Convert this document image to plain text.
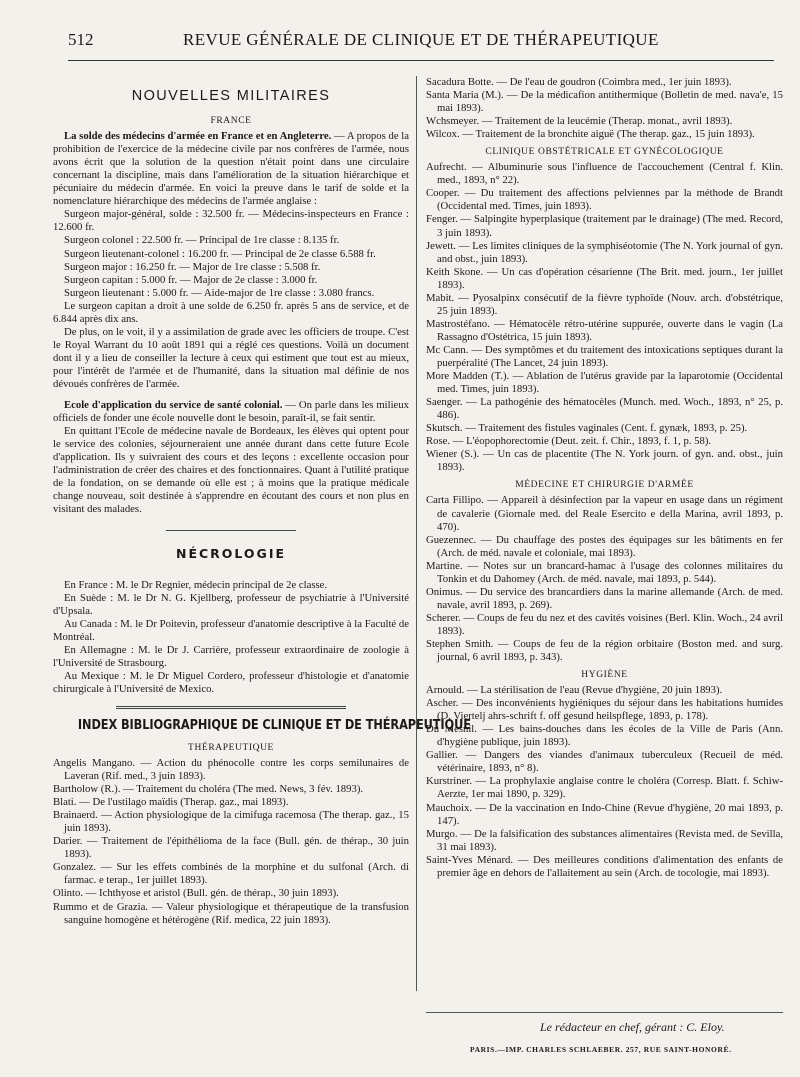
512	REVUE GÉNÉRALE DE CLINIQUE ET DE THÉRAPEUTIQUE
NOUVELLES MILITAIRES
FRANCE

La solde des médecins d'armée en France et en Angleterre. — A propos de la prohibition de l'exercice de la médecine civile par nos confrères de l'armée, nous avons écrit que la solution de la question n'était point dans une circulaire concernant la discipline, mais dans l'amélioration de la situation hiérarchique et pécuniaire du médecin d'armée. En voici la preuve dans le tarif de solde et la nomenclature hiérarchique des médecins de l'armée anglaise :

Surgeon major-général, solde : 32.500 fr. — Médecins-inspecteurs en France : 12.600 fr.

Surgeon colonel : 22.500 fr. — Principal de 1re classe : 8.135 fr.

Surgeon lieutenant-colonel : 16.200 fr. — Principal de 2e classe 6.588 fr.

Surgeon major : 16.250 fr. — Major de 1re classe : 5.508 fr.

Surgeon capitan : 5.000 fr. — Major de 2e classe : 3.000 fr.

Surgeon lieutenant : 5.000 fr. — Aide-major de 1re classe : 3.080 francs.

Le surgeon capitan a droit à une solde de 6.250 fr. après 5 ans de service, et de 6.844 après dix ans.

De plus, on le voit, il y a assimilation de grade avec les officiers de troupe. C'est le Royal Warrant du 10 août 1891 qui a réglé ces questions. Voilà un document dont il y a lieu de conseiller la lecture à ceux qui estiment que tout est au mieux, pour l'intérêt de l'armée et de l'humanité, dans la situation mal définie de nos dévoués confrères de l'armée.

Ecole d'application du service de santé colonial. — On parle dans les milieux officiels de fonder une école nouvelle dont le besoin, paraît-il, se fait sentir.

En quittant l'Ecole de médecine navale de Bordeaux, les élèves qui optent pour le service des colonies, séjourneraient une année durant dans cette future Ecole d'application. Ils y suivraient des cours et des leçons : excellente occasion pour l'administration de créer des chaires et des fonctionnaires. Quant à l'utilité pratique de la fondation, on se demande où elle est ; à moins que la pratique médicale change nouveau, soit destinée à s'apprendre en écoutant des cours et non plus en visitant des malades.

NÉCROLOGIE

En France : M. le Dr Regnier, médecin principal de 2e classe.

En Suède : M. le Dr N. G. Kjellberg, professeur de psychiatrie à l'Université d'Upsala.

Au Canada : M. le Dr Poitevin, professeur d'anatomie descriptive à la Faculté de Montréal.

En Allemagne : M. le Dr J. Carrière, professeur extraordinaire de zoologie à l'Université de Strasbourg.

Au Mexique : M. le Dr Miguel Cordero, professeur d'histologie et d'anatomie chirurgicale à l'Université de Mexico.

INDEX BIBLIOGRAPHIQUE DE CLINIQUE ET DE THÉRAPEUTIQUE
THÉRAPEUTIQUE

Angelis Mangano. — Action du phénocolle contre les corps semilunaires de Laveran (Rif. med., 3 juin 1893).

Bartholow (R.). — Traitement du choléra (The med. News, 3 fév. 1893).

Blati. — De l'ustilago maïdis (Therap. gaz., mai 1893).

Brainaerd. — Action physiologique de la cimifuga racemosa (The therap. gaz., 15 juin 1893).

Darier. — Traitement de l'épithélioma de la face (Bull. gén. de thérap., 30 juin 1893).

Gonzalez. — Sur les effets combinés de la morphine et du sulfonal (Arch. di farmac. e terap., 1er juillet 1893).

Olinto. — Ichthyose et aristol (Bull. gén. de thérap., 30 juin 1893).

Rummo et de Grazia. — Valeur physiologique et thérapeutique de la transfusion sanguine homogène et hétérogène (Rif. medica, 22 juin 1893).

Sacadura Botte. — De l'eau de goudron (Coimbra med., 1er juin 1893).

Santa Maria (M.). — De la médicafion antithermique (Bolletin de med. nava'e, 15 mai 1893).

Wchsmeyer. — Traitement de la leucémie (Therap. monat., avril 1893).

Wilcox. — Traitement de la bronchite aiguë (The therap. gaz., 15 juin 1893).

CLINIQUE OBSTÉTRICALE ET GYNÉCOLOGIQUE

Aufrecht. — Albuminurie sous l'influence de l'accouchement (Central f. Klin. med., 1893, n° 22).

Cooper. — Du traitement des affections pelviennes par la méthode de Brandt (Occidental med. Times, juin 1893).

Fenger. — Salpingite hyperplasique (traitement par le drainage) (The med. Record, 3 juin 1893).

Jewett. — Les limites cliniques de la symphiséotomie (The N. York journal of gyn. and obst., juin 1893).

Keith Skone. — Un cas d'opération césarienne (The Brit. med. journ., 1er juillet 1893).

Mabit. — Pyosalpinx consécutif de la fièvre typhoïde (Nouv. arch. d'obstétrique, 25 juin 1893).

Mastrostéfano. — Hématocèle rétro-utérine suppurée, ouverte dans le vagin (La Rassagno d'Ostétrica, 15 juin 1893).

Mc Cann. — Des symptômes et du traitement des intoxications septiques durant la puerpéralité (The Lancet, 24 juin 1893).

More Madden (T.). — Ablation de l'utérus gravide par la laparotomie (Occidental med. Times, juin 1893).

Saenger. — La pathogénie des hématocèles (Munch. med. Woch., 1893, n° 25, p. 486).

Skutsch. — Traitement des fistules vaginales (Cent. f. gynæk, 1893, p. 25).

Rose. — L'éopophorectomie (Deut. zeit. f. Chir., 1893, f. 1, p. 58).

Wiener (S.). — Un cas de placentite (The N. York journ. of gyn. and. obst., juin 1893).

MÉDECINE ET CHIRURGIE D'ARMÉE

Carta Fillipo. — Appareil à désinfection par la vapeur en usage dans un régiment de cavalerie (Giornale med. del Reale Esercito e della Marina, avril 1893, p. 470).

Guezennec. — Du chauffage des postes des équipages sur les bâtiments en fer (Arch. de méd. navale et coloniale, mai 1893).

Martine. — Notes sur un brancard-hamac à l'usage des colonnes militaires du Tonkin et du Dahomey (Arch. de méd. navale, mai 1893, p. 544).

Onimus. — Du service des brancardiers dans la marine allemande (Arch. de med. navale, avril 1893, p. 269).

Scherer. — Coups de feu du nez et des cavités voisines (Berl. Klin. Woch., 24 avril 1893).

Stephen Smith. — Coups de feu de la région orbitaire (Boston med. and surg. journal, 6 avril 1893, p. 343).

HYGIÈNE

Arnould. — La stérilisation de l'eau (Revue d'hygiène, 20 juin 1893).

Ascher. — Des inconvénients hygiéniques du séjour dans les habitations humides (D. Viertelj ahrs-schrift f. off gesund heilspflege, 1893, p. 178).

Du Mesnil. — Les bains-douches dans les écoles de la Ville de Paris (Ann. d'hygiène publique, juin 1893).

Gallier. — Dangers des viandes d'animaux tuberculeux (Recueil de méd. vétérinaire, 1893, n° 8).

Kurstriner. — La prophylaxie anglaise contre le choléra (Corresp. Blatt. f. Schiw-Aerzte, 1er mai 1890, p. 329).

Mauchoix. — De la vaccination en Indo-Chine (Revue d'hygiène, 20 mai 1893, p. 147).

Murgo. — De la falsification des substances alimentaires (Revista med. de Sevilla, 31 mai 1893).

Saint-Yves Ménard. — Des meilleures conditions d'alimentation des enfants de premier âge en dehors de l'allaitement au sein (Arch. de tocologie, mai 1893).

Le rédacteur en chef, gérant : C. Eloy.
PARIS.—IMP. CHARLES SCHLAEBER. 257, RUE SAINT-HONORÉ.
